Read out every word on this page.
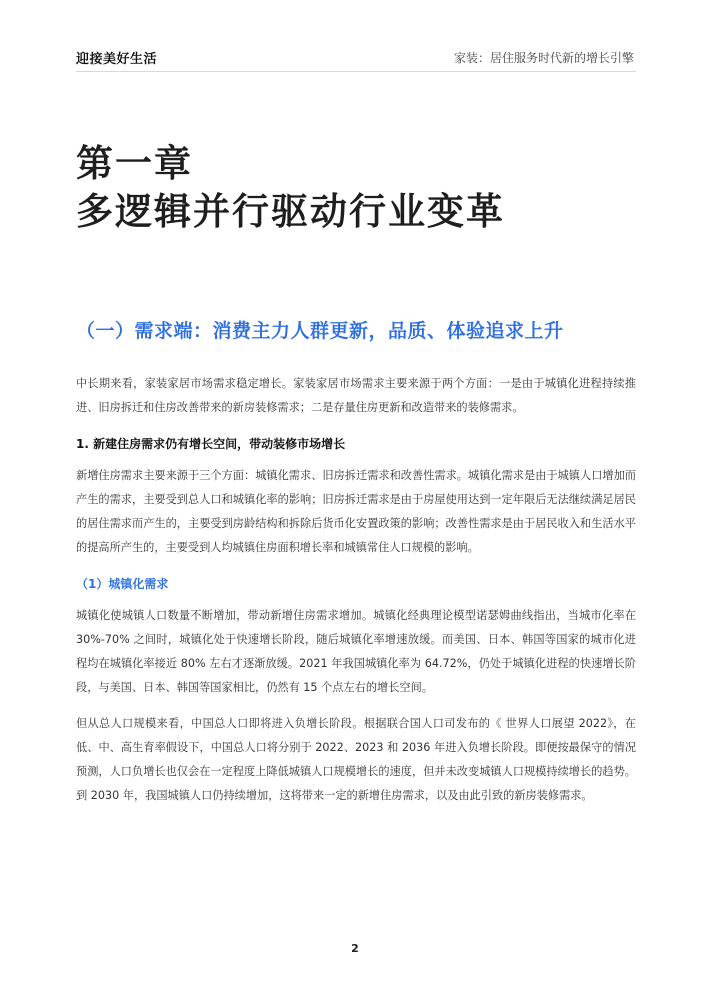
迎接美好生活	家装：居住服务时代新的增长引擎
第一章
多逻辑并行驱动行业变革
（一）需求端：消费主力人群更新，品质、体验追求上升

中长期来看，家装家居市场需求稳定增长。家装家居市场需求主要来源于两个方面：一是由于城镇化进程持续推进、旧房拆迁和住房改善带来的新房装修需求；二是存量住房更新和改造带来的装修需求。

1. 新建住房需求仍有增长空间，带动装修市场增长

新增住房需求主要来源于三个方面：城镇化需求、旧房拆迁需求和改善性需求。城镇化需求是由于城镇人口增加而产生的需求，主要受到总人口和城镇化率的影响；旧房拆迁需求是由于房屋使用达到一定年限后无法继续满足居民的居住需求而产生的，主要受到房龄结构和拆除后货币化安置政策的影响；改善性需求是由于居民收入和生活水平的提高所产生的，主要受到人均城镇住房面积增长率和城镇常住人口规模的影响。

（1）城镇化需求

城镇化使城镇人口数量不断增加，带动新增住房需求增加。城镇化经典理论模型诺瑟姆曲线指出，当城市化率在 30%-70% 之间时，城镇化处于快速增长阶段，随后城镇化率增速放缓。而美国、日本、韩国等国家的城市化进程均在城镇化率接近 80% 左右才逐渐放缓。2021 年我国城镇化率为 64.72%，仍处于城镇化进程的快速增长阶段，与美国、日本、韩国等国家相比，仍然有 15 个点左右的增长空间。

但从总人口规模来看，中国总人口即将进入负增长阶段。根据联合国人口司发布的《 世界人口展望 2022》，在低、中、高生育率假设下，中国总人口将分别于 2022、2023 和 2036 年进入负增长阶段。即便按最保守的情况预测，人口负增长也仅会在一定程度上降低城镇人口规模增长的速度，但并未改变城镇人口规模持续增长的趋势。到 2030 年，我国城镇人口仍持续增加，这将带来一定的新增住房需求，以及由此引致的新房装修需求。

2
